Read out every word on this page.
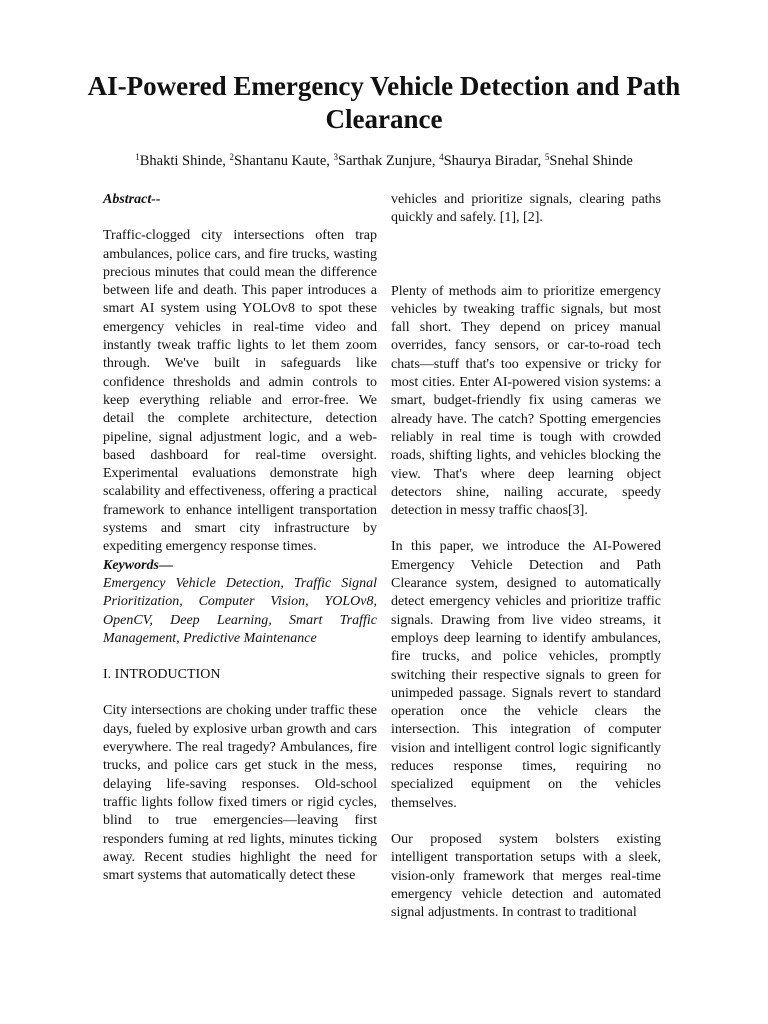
AI-Powered Emergency Vehicle Detection and Path Clearance

$^1$Bhakti Shinde, $^2$Shantanu Kaute, $^3$Sarthak Zunjure, $^4$Shaurya Biradar, $^5$Snehal Shinde

Abstract--

Traffic-clogged city intersections often trap ambulances, police cars, and fire trucks, wasting precious minutes that could mean the difference between life and death. This paper introduces a smart AI system using YOLOv8 to spot these emergency vehicles in real-time video and instantly tweak traffic lights to let them zoom through. We've built in safeguards like confidence thresholds and admin controls to keep everything reliable and error-free. We detail the complete architecture, detection pipeline, signal adjustment logic, and a web-based dashboard for real-time oversight. Experimental evaluations demonstrate high scalability and effectiveness, offering a practical framework to enhance intelligent transportation systems and smart city infrastructure by expediting emergency response times.

Keywords—

Emergency Vehicle Detection, Traffic Signal Prioritization, Computer Vision, YOLOv8, OpenCV, Deep Learning, Smart Traffic Management, Predictive Maintenance

I. INTRODUCTION

City intersections are choking under traffic these days, fueled by explosive urban growth and cars everywhere. The real tragedy? Ambulances, fire trucks, and police cars get stuck in the mess, delaying life-saving responses. Old-school traffic lights follow fixed timers or rigid cycles, blind to true emergencies—leaving first responders fuming at red lights, minutes ticking away. Recent studies highlight the need for smart systems that automatically detect these

vehicles and prioritize signals, clearing paths quickly and safely. [1], [2].

Plenty of methods aim to prioritize emergency vehicles by tweaking traffic signals, but most fall short. They depend on pricey manual overrides, fancy sensors, or car-to-road tech chats—stuff that's too expensive or tricky for most cities. Enter AI-powered vision systems: a smart, budget-friendly fix using cameras we already have. The catch? Spotting emergencies reliably in real time is tough with crowded roads, shifting lights, and vehicles blocking the view. That's where deep learning object detectors shine, nailing accurate, speedy detection in messy traffic chaos[3].

In this paper, we introduce the AI-Powered Emergency Vehicle Detection and Path Clearance system, designed to automatically detect emergency vehicles and prioritize traffic signals. Drawing from live video streams, it employs deep learning to identify ambulances, fire trucks, and police vehicles, promptly switching their respective signals to green for unimpeded passage. Signals revert to standard operation once the vehicle clears the intersection. This integration of computer vision and intelligent control logic significantly reduces response times, requiring no specialized equipment on the vehicles themselves.

Our proposed system bolsters existing intelligent transportation setups with a sleek, vision-only framework that merges real-time emergency vehicle detection and automated signal adjustments. In contrast to traditional
